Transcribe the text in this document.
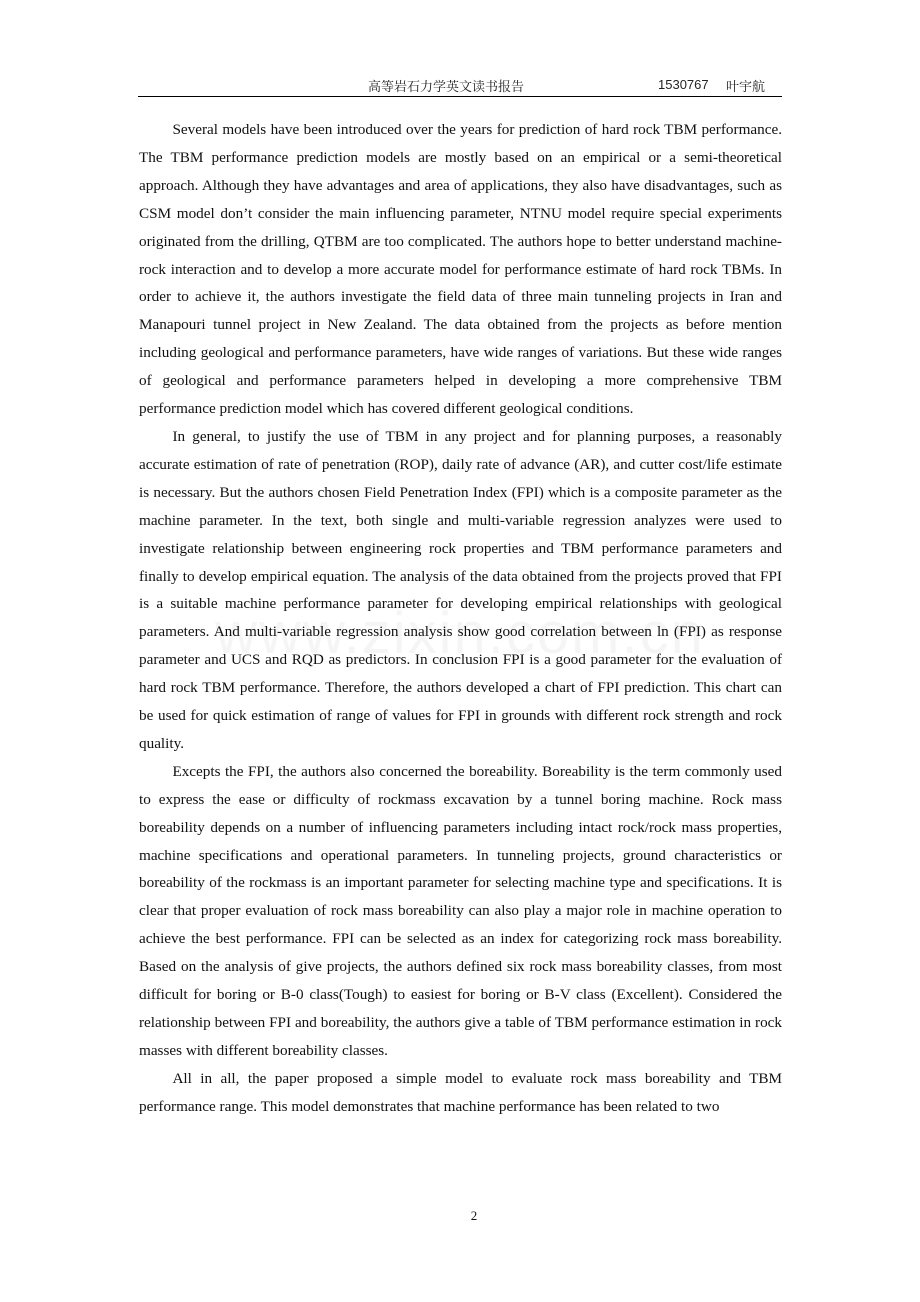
高等岩石力学英文读书报告	1530767 叶宇航

Several models have been introduced over the years for prediction of hard rock TBM performance. The TBM performance prediction models are mostly based on an empirical or a semi-theoretical approach. Although they have advantages and area of applications, they also have disadvantages, such as CSM model don’t consider the main influencing parameter, NTNU model require special experiments originated from the drilling, QTBM are too complicated. The authors hope to better understand machine-rock interaction and to develop a more accurate model for performance estimate of hard rock TBMs. In order to achieve it, the authors investigate the field data of three main tunneling projects in Iran and Manapouri tunnel project in New Zealand. The data obtained from the projects as before mention including geological and performance parameters, have wide ranges of variations. But these wide ranges of geological and performance parameters helped in developing a more comprehensive TBM performance prediction model which has covered different geological conditions.

In general, to justify the use of TBM in any project and for planning purposes, a reasonably accurate estimation of rate of penetration (ROP), daily rate of advance (AR), and cutter cost/life estimate is necessary. But the authors chosen Field Penetration Index (FPI) which is a composite parameter as the machine parameter. In the text, both single and multi-variable regression analyzes were used to investigate relationship between engineering rock properties and TBM performance parameters and finally to develop empirical equation. The analysis of the data obtained from the projects proved that FPI is a suitable machine performance parameter for developing empirical relationships with geological parameters. And multi-variable regression analysis show good correlation between ln (FPI) as response parameter and UCS and RQD as predictors. In conclusion FPI is a good parameter for the evaluation of hard rock TBM performance. Therefore, the authors developed a chart of FPI prediction. This chart can be used for quick estimation of range of values for FPI in grounds with different rock strength and rock quality.

Excepts the FPI, the authors also concerned the boreability. Boreability is the term commonly used to express the ease or difficulty of rockmass excavation by a tunnel boring machine. Rock mass boreability depends on a number of influencing parameters including intact rock/rock mass properties, machine specifications and operational parameters. In tunneling projects, ground characteristics or boreability of the rockmass is an important parameter for selecting machine type and specifications. It is clear that proper evaluation of rock mass boreability can also play a major role in machine operation to achieve the best performance. FPI can be selected as an index for categorizing rock mass boreability. Based on the analysis of give projects, the authors defined six rock mass boreability classes, from most difficult for boring or B-0 class(Tough) to easiest for boring or B-V class (Excellent). Considered the relationship between FPI and boreability, the authors give a table of TBM performance estimation in rock masses with different boreability classes.

All in all, the paper proposed a simple model to evaluate rock mass boreability and TBM performance range. This model demonstrates that machine performance has been related to two

2
